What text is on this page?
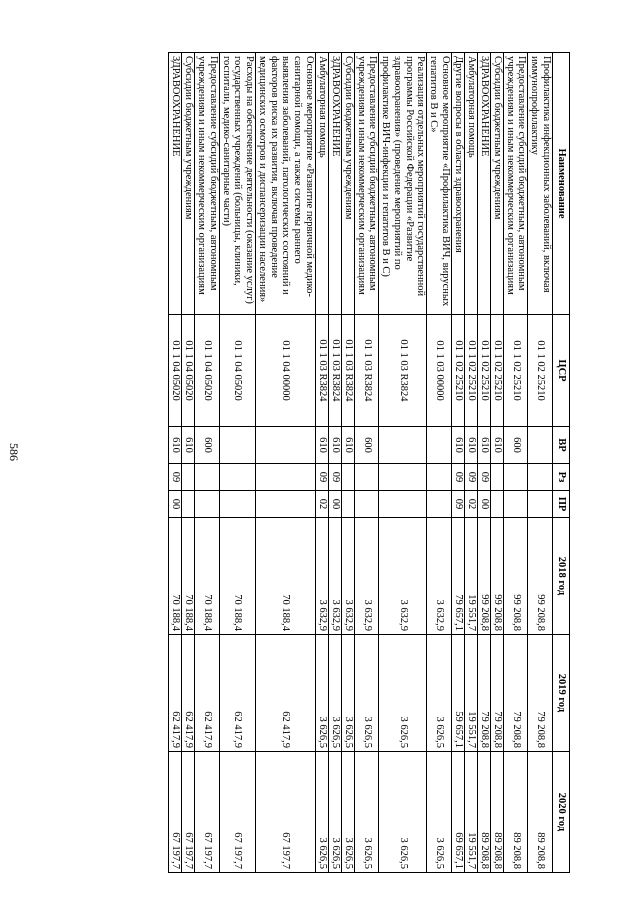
586
Наименование	ЦСР	ВР	Рз	ПР	2018 год	2019 год	2020 год
Профилактика инфекционных заболеваний, включая иммунопрофилактику	01 1 02 25210				99 208,8	79 208,8	89 208,8
Предоставление субсидий бюджетным, автономным учреждениям и иным некоммерческим организациям	01 1 02 25210	600			99 208,8	79 208,8	89 208,8
Субсидии бюджетным учреждениям	01 1 02 25210	610			99 208,8	79 208,8	89 208,8
ЗДРАВООХРАНЕНИЕ	01 1 02 25210	610	09	00	99 208,8	79 208,8	89 208,8
Амбулаторная помощь	01 1 02 25210	610	09	02	19 551,7	19 551,7	19 551,7
Другие вопросы в области здравоохранения	01 1 02 25210	610	09	09	79 657,1	59 657,1	69 657,1
Основное мероприятие «Профилактика ВИЧ, вирусных гепатитов В и С»	01 1 03 00000				3 632,9	3 626,5	3 626,5
Реализация отдельных мероприятий государственной программы Российской Федерации «Развитие здравоохранения» (проведение мероприятий по профилактике ВИЧ-инфекции и гепатитов В и С)	01 1 03 R3824				3 632,9	3 626,5	3 626,5
Предоставление субсидий бюджетным, автономным учреждениям и иным некоммерческим организациям	01 1 03 R3824	600			3 632,9	3 626,5	3 626,5
Субсидии бюджетным учреждениям	01 1 03 R3824	610			3 632,9	3 626,5	3 626,5
ЗДРАВООХРАНЕНИЕ	01 1 03 R3824	610	09	00	3 632,9	3 626,5	3 626,5
Амбулаторная помощь	01 1 03 R3824	610	09	02	3 632,9	3 626,5	3 626,5
Основное мероприятие «Развитие первичной медико-санитарной помощи, а также системы раннего выявления заболеваний, патологических состояний и факторов риска их развития, включая проведение медицинских осмотров и диспансеризации населения»	01 1 04 00000				70 188,4	62 417,9	67 197,7
Расходы на обеспечение деятельности (оказание услуг) государственных учреждений (больницы, клиники, госпитали, медико-санитарные части)	01 1 04 05020				70 188,4	62 417,9	67 197,7
Предоставление субсидий бюджетным, автономным учреждениям и иным некоммерческим организациям	01 1 04 05020	600			70 188,4	62 417,9	67 197,7
Субсидии бюджетным учреждениям	01 1 04 05020	610			70 188,4	62 417,9	67 197,7
ЗДРАВООХРАНЕНИЕ	01 1 04 05020	610	09	00	70 188,4	62 417,9	67 197,7
